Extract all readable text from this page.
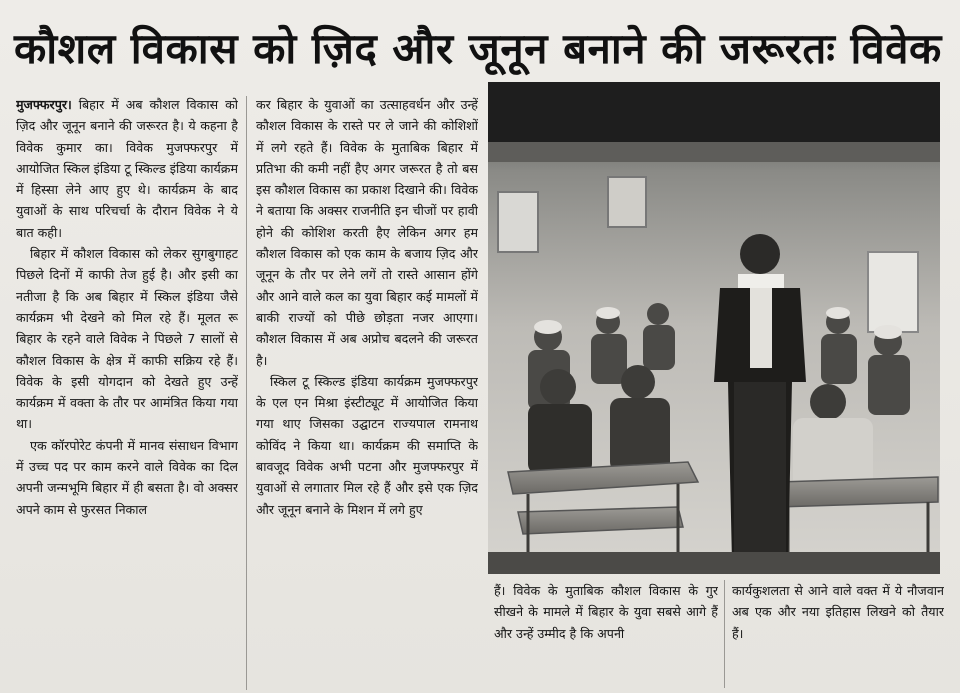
कौशल विकास को ज़िद और जूनून बनाने की जरूरतः विवेक

मुजफ्फरपुर। बिहार में अब कौशल विकास को ज़िद और जूनून बनाने की जरूरत है। ये कहना है विवेक कुमार का। विवेक मुजफ्फरपुर में आयोजित स्किल इंडिया टू स्किल्ड इंडिया कार्यक्रम में हिस्सा लेने आए हुए थे। कार्यक्रम के बाद युवाओं के साथ परिचर्चा के दौरान विवेक ने ये बात कही।

बिहार में कौशल विकास को लेकर सुगबुगाहट पिछले दिनों में काफी तेज हुई है। और इसी का नतीजा है कि अब बिहार में स्किल इंडिया जैसे कार्यक्रम भी देखने को मिल रहे हैं। मूलत रू बिहार के रहने वाले विवेक ने पिछले 7 सालों से कौशल विकास के क्षेत्र में काफी सक्रिय रहे हैं। विवेक के इसी योगदान को देखते हुए उन्हें कार्यक्रम में वक्ता के तौर पर आमंत्रित किया गया था।

एक कॉरपोरेट कंपनी में मानव संसाधन विभाग में उच्च पद पर काम करने वाले विवेक का दिल अपनी जन्मभूमि बिहार में ही बसता है। वो अक्सर अपने काम से फुरसत निकाल

कर बिहार के युवाओं का उत्साहवर्धन और उन्हें कौशल विकास के रास्ते पर ले जाने की कोशिशों में लगे रहते हैं। विवेक के मुताबिक बिहार में प्रतिभा की कमी नहीं हैए अगर जरूरत है तो बस इस कौशल विकास का प्रकाश दिखाने की। विवेक ने बताया कि अक्सर राजनीति इन चीजों पर हावी होने की कोशिश करती हैए लेकिन अगर हम कौशल विकास को एक काम के बजाय ज़िद और जूनून के तौर पर लेने लगें तो रास्ते आसान होंगे और आने वाले कल का युवा बिहार कई मामलों में बाकी राज्यों को पीछे छोड़ता नजर आएगा। कौशल विकास में अब अप्रोच बदलने की जरूरत है।

स्किल टू स्किल्ड इंडिया कार्यक्रम मुजफ्फरपुर के एल एन मिश्रा इंस्टीट्यूट में आयोजित किया गया थाए जिसका उद्घाटन राज्यपाल रामनाथ कोविंद ने किया था। कार्यक्रम की समाप्ति के बावजूद विवेक अभी पटना और मुजफ्फरपुर में युवाओं से लगातार मिल रहे हैं और इसे एक ज़िद और जूनून बनाने के मिशन में लगे हुए

हैं। विवेक के मुताबिक कौशल विकास के गुर सीखने के मामले में बिहार के युवा सबसे आगे हैं और उन्हें उम्मीद है कि अपनी

कार्यकुशलता से आने वाले वक्त में ये नौजवान अब एक और नया इतिहास लिखने को तैयार हैं।
